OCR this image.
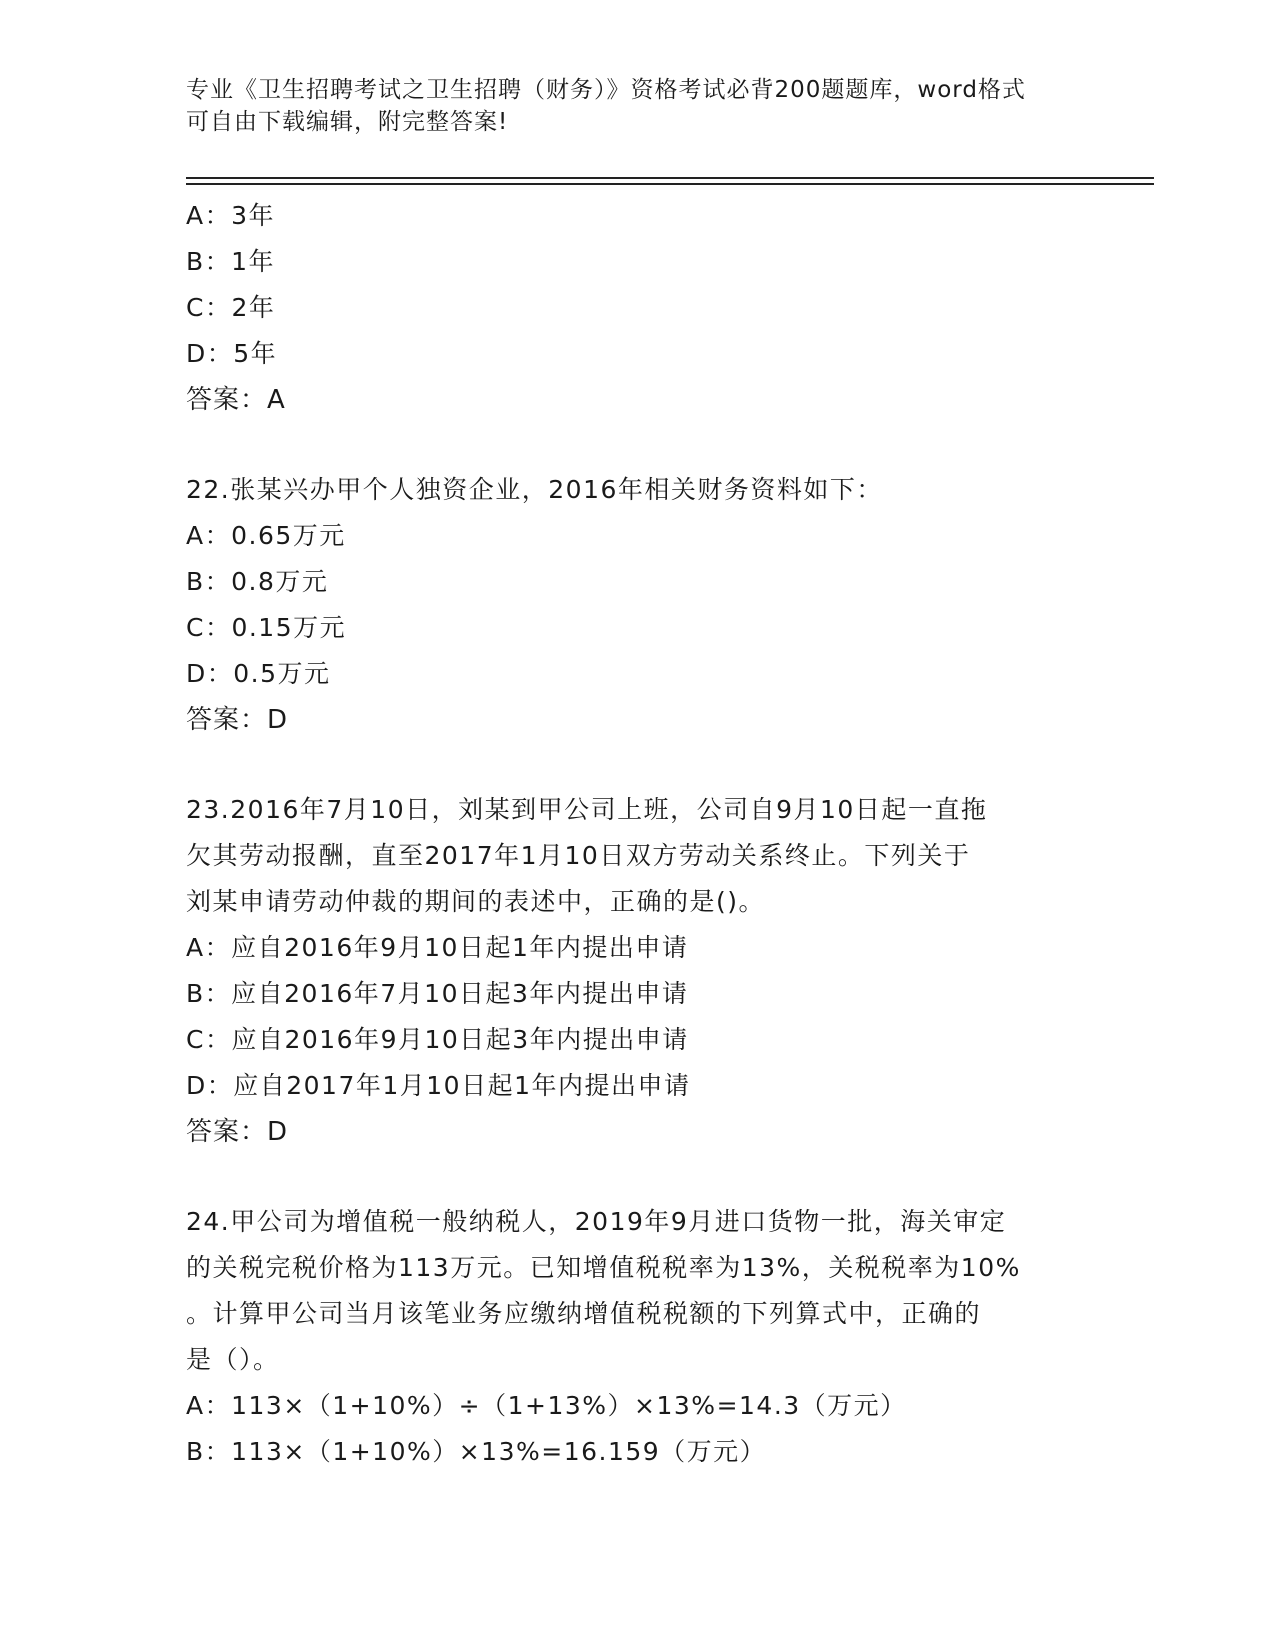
专业《卫生招聘考试之卫生招聘（财务）》资格考试必背200题题库，word格式
可自由下载编辑，附完整答案!
A：3年
B：1年
C：2年
D：5年
答案：A
22.张某兴办甲个人独资企业，2016年相关财务资料如下：
A：0.65万元
B：0.8万元
C：0.15万元
D：0.5万元
答案：D
23.2016年7月10日，刘某到甲公司上班，公司自9月10日起一直拖
欠其劳动报酬，直至2017年1月10日双方劳动关系终止。下列关于
刘某申请劳动仲裁的期间的表述中，正确的是()。
A：应自2016年9月10日起1年内提出申请
B：应自2016年7月10日起3年内提出申请
C：应自2016年9月10日起3年内提出申请
D：应自2017年1月10日起1年内提出申请
答案：D
24.甲公司为增值税一般纳税人，2019年9月进口货物一批，海关审定
的关税完税价格为113万元。已知增值税税率为13%，关税税率为10%
。计算甲公司当月该笔业务应缴纳增值税税额的下列算式中，正确的
是（）。
A：113×（1+10%）÷（1+13%）×13%=14.3（万元）
B：113×（1+10%）×13%=16.159（万元）
